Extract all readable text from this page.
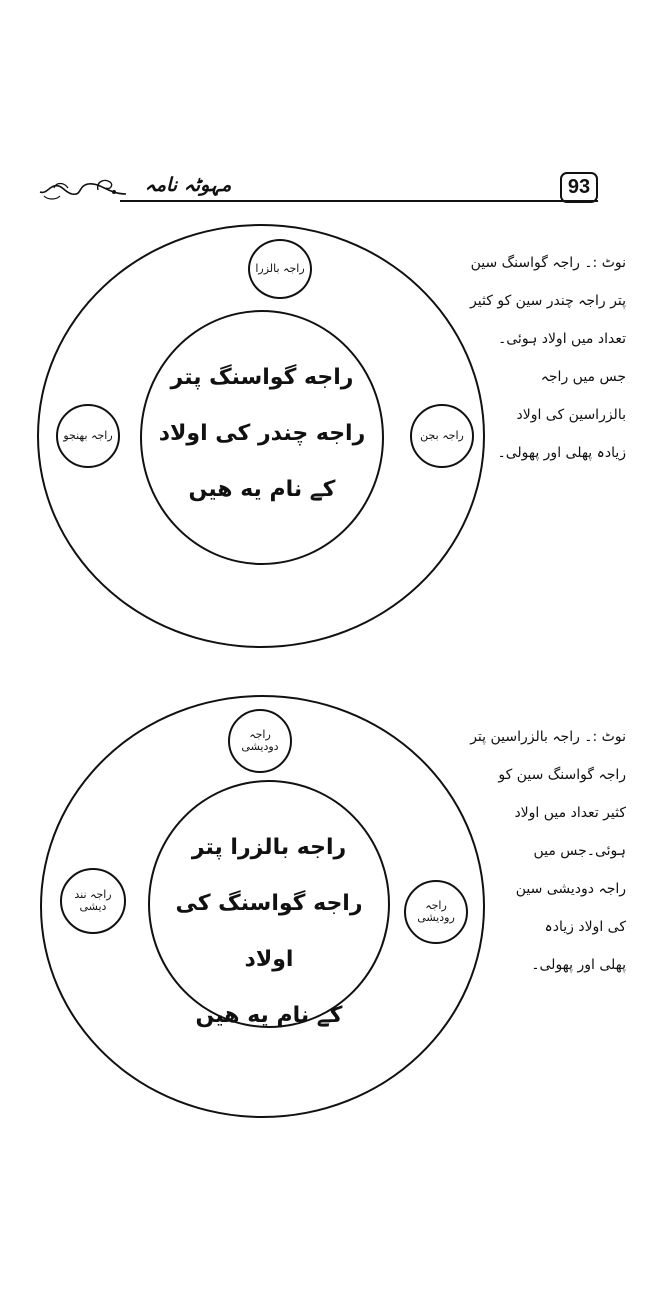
مہوٹہ نامہ	93
راجه گواسنگ پتر
راجه چندر کی اولاد
کے نام یه هیں
راجہ بالزرا
راجہ بھنجو	راجہ بجن
نوٹ :۔ راجہ گواسنگ سین
پتر راجہ چندر سین کو کثیر
تعداد میں اولاد ہوئی۔
جس میں راجہ
بالزراسین کی اولاد
زیادہ پھلی اور پھولی۔
راجه بالزرا پتر
راجه گواسنگ کی اولاد
کے نام یه هیں
راجہ دودیشی
راجہ نند دیشی	راجہ رودیشی
نوٹ :۔ راجہ بالزراسین پتر
راجہ گواسنگ سین کو
کثیر تعداد میں اولاد
ہوئی۔جس میں
راجہ دودیشی سین
کی اولاد زیادہ
پھلی اور پھولی۔
